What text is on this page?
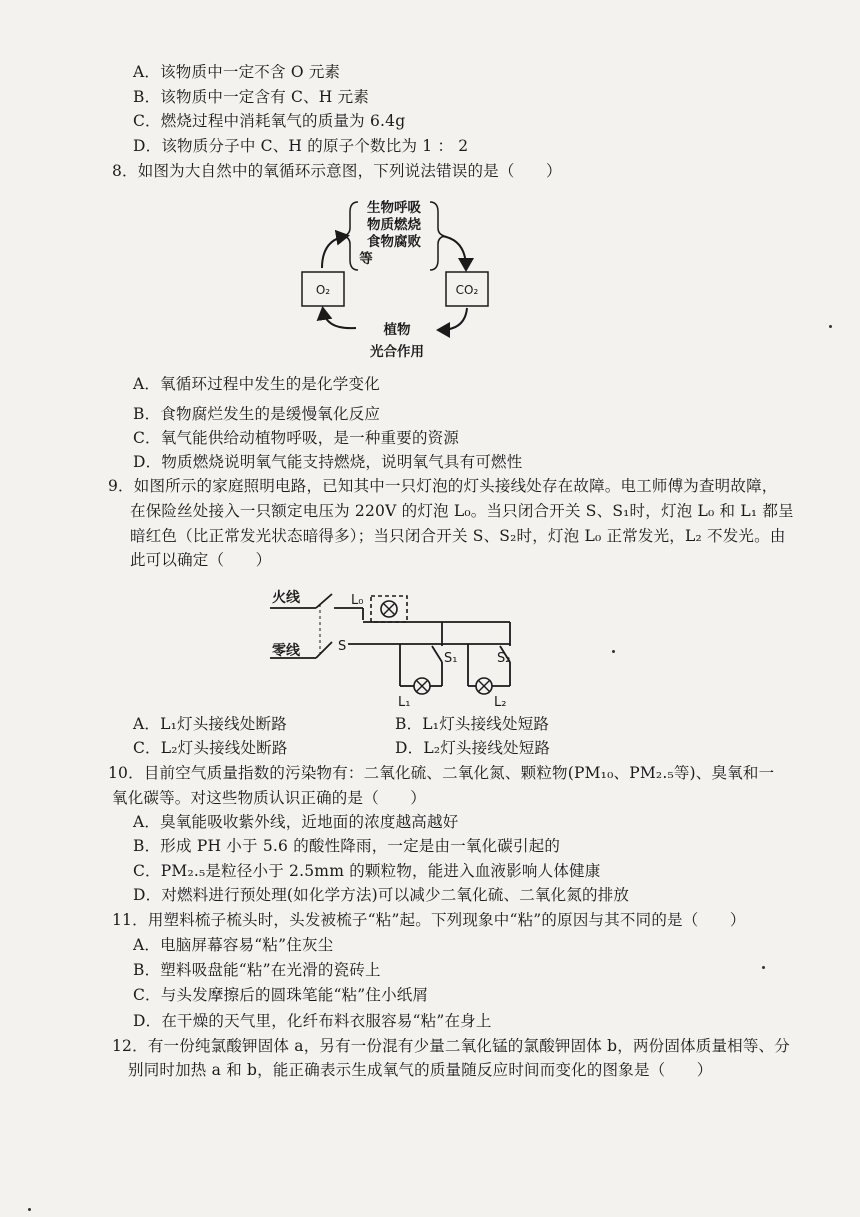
A．该物质中一定不含 O 元素
B．该物质中一定含有 C、H 元素
C．燃烧过程中消耗氧气的质量为 6.4g
D．该物质分子中 C、H 的原子个数比为 1 ： 2
8．如图为大自然中的氧循环示意图，下列说法错误的是（　　）
生物呼吸
物质燃烧
食物腐败
等
O₂	CO₂
植物
光合作用
A．氧循环过程中发生的是化学变化
B．食物腐烂发生的是缓慢氧化反应
C．氧气能供给动植物呼吸，是一种重要的资源
D．物质燃烧说明氧气能支持燃烧，说明氧气具有可燃性
9．如图所示的家庭照明电路，已知其中一只灯泡的灯头接线处存在故障。电工师傅为查明故障，
在保险丝处接入一只额定电压为 220V 的灯泡 L₀。当只闭合开关 S、S₁时，灯泡 L₀ 和 L₁ 都呈
暗红色（比正常发光状态暗得多）；当只闭合开关 S、S₂时，灯泡 L₀ 正常发光，L₂ 不发光。由
此可以确定（　　）
火线
零线
L₀
S
S₁
L₁
S₂
L₂
A．L₁灯头接线处断路	B．L₁灯头接线处短路
C．L₂灯头接线处断路	D．L₂灯头接线处短路
10．目前空气质量指数的污染物有：二氧化硫、二氧化氮、颗粒物(PM₁₀、PM₂.₅等)、臭氧和一
氧化碳等。对这些物质认识正确的是（　　）
A．臭氧能吸收紫外线，近地面的浓度越高越好
B．形成 PH 小于 5.6 的酸性降雨，一定是由一氧化碳引起的
C．PM₂.₅是粒径小于 2.5mm 的颗粒物，能进入血液影响人体健康
D．对燃料进行预处理(如化学方法)可以减少二氧化硫、二氧化氮的排放
11．用塑料梳子梳头时，头发被梳子“粘”起。下列现象中“粘”的原因与其不同的是（　　）
A．电脑屏幕容易“粘”住灰尘
B．塑料吸盘能“粘”在光滑的瓷砖上
C．与头发摩擦后的圆珠笔能“粘”住小纸屑
D．在干燥的天气里，化纤布料衣服容易“粘”在身上
12．有一份纯氯酸钾固体 a，另有一份混有少量二氧化锰的氯酸钾固体 b，两份固体质量相等、分
别同时加热 a 和 b，能正确表示生成氧气的质量随反应时间而变化的图象是（　　）
